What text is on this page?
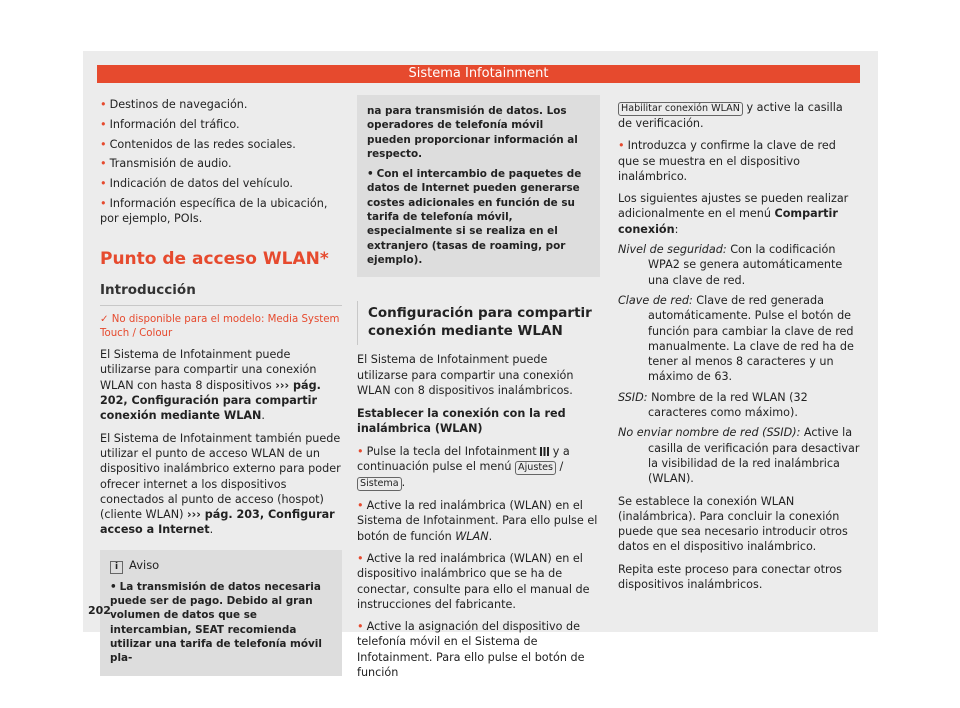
Sistema Infotainment
• Destinos de navegación.
• Información del tráfico.
• Contenidos de las redes sociales.
• Transmisión de audio.
• Indicación de datos del vehículo.
• Información específica de la ubicación, por ejemplo, POIs.
Punto de acceso WLAN*
Introducción
✓ No disponible para el modelo: Media System Touch / Colour
El Sistema de Infotainment puede utilizarse para compartir una conexión WLAN con hasta 8 dispositivos ››› pág. 202, Configuración para compartir conexión mediante WLAN.
El Sistema de Infotainment también puede utilizar el punto de acceso WLAN de un dispositivo inalámbrico externo para poder ofrecer internet a los dispositivos conectados al punto de acceso (hospot) (cliente WLAN) ››› pág. 203, Configurar acceso a Internet.
i Aviso
• La transmisión de datos necesaria puede ser de pago. Debido al gran volumen de datos que se intercambian, SEAT recomienda utilizar una tarifa de telefonía móvil pla-
na para transmisión de datos. Los operadores de telefonía móvil pueden proporcionar información al respecto.
• Con el intercambio de paquetes de datos de Internet pueden generarse costes adicionales en función de su tarifa de telefonía móvil, especialmente si se realiza en el extranjero (tasas de roaming, por ejemplo).
Configuración para compartir conexión mediante WLAN
El Sistema de Infotainment puede utilizarse para compartir una conexión WLAN con 8 dispositivos inalámbricos.
Establecer la conexión con la red inalámbrica (WLAN)
• Pulse la tecla del Infotainment  y a continuación pulse el menú Ajustes / Sistema .
• Active la red inalámbrica (WLAN) en el Sistema de Infotainment. Para ello pulse el botón de función WLAN.
• Active la red inalámbrica (WLAN) en el dispositivo inalámbrico que se ha de conectar, consulte para ello el manual de instrucciones del fabricante.
• Active la asignación del dispositivo de telefonía móvil en el Sistema de Infotainment. Para ello pulse el botón de función
Habilitar conexión WLAN y active la casilla de verificación.
• Introduzca y confirme la clave de red que se muestra en el dispositivo inalámbrico.
Los siguientes ajustes se pueden realizar adicionalmente en el menú Compartir conexión:
Nivel de seguridad: Con la codificación WPA2 se genera automáticamente una clave de red.
Clave de red: Clave de red generada automáticamente. Pulse el botón de función para cambiar la clave de red manualmente. La clave de red ha de tener al menos 8 caracteres y un máximo de 63.
SSID: Nombre de la red WLAN (32 caracteres como máximo).
No enviar nombre de red (SSID): Active la casilla de verificación para desactivar la visibilidad de la red inalámbrica (WLAN).
Se establece la conexión WLAN (inalámbrica). Para concluir la conexión puede que sea necesario introducir otros datos en el dispositivo inalámbrico.
Repita este proceso para conectar otros dispositivos inalámbricos.
202
